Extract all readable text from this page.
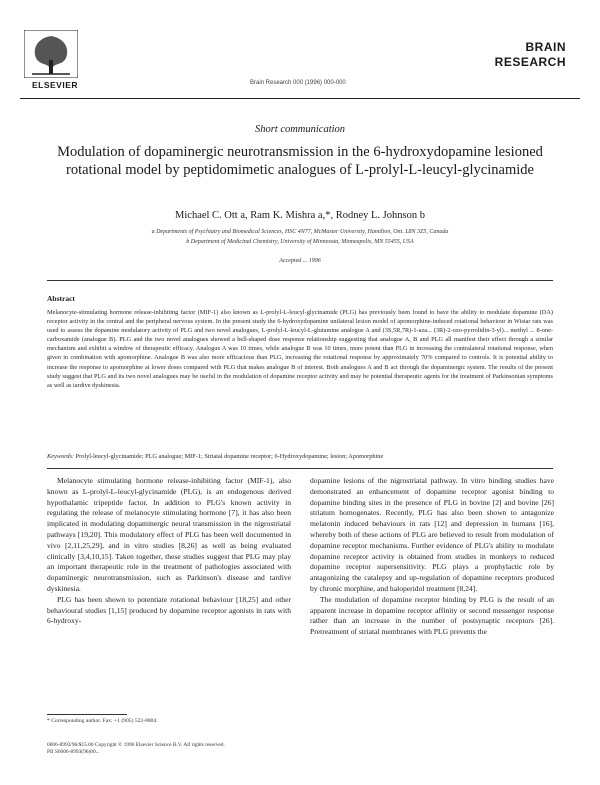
ELSEVIER	Brain Research 000 (1996) 000-000
BRAIN
RESEARCH
Short communication
Modulation of dopaminergic neurotransmission in the 6-hydroxydopamine lesioned rotational model by peptidomimetic analogues of L-prolyl-L-leucyl-glycinamide
Michael C. Ott a, Ram K. Mishra a,*, Rodney L. Johnson b
a Departments of Psychiatry and Biomedical Sciences, HSC 4N77, McMaster University, Hamilton, Ont. L8N 3Z5, Canada
b Department of Medicinal Chemistry, University of Minnesota, Minneapolis, MN 55455, USA
Accepted ... 1996
Abstract
Melanocyte-stimulating hormone release-inhibiting factor (MIF-1) also known as L-prolyl-L-leucyl-glycinamide (PLG) has previously been found to have the ability to modulate dopamine (DA) receptor activity in the central and the peripheral nervous system. In the present study the 6-hydroxydopamine unilateral lesion model of apomorphine-induced rotational behaviour in Wistar rats was used to assess the dopamine modulatory activity of PLG and two novel analogues, L-prolyl-L-leucyl-L-glutamine analogue A and (3S,5R,7R)-1-aza... (3R)-2-oxo-pyrrolidin-3-yl)... methyl ... 8-one-carboxamide (analogue B). PLG and the two novel analogues showed a bell-shaped dose response relationship suggesting that analogue A, B and PLG all manifest their effect through a similar mechanism and exhibit a window of therapeutic efficacy. Analogue A was 10 times, while analogue B was 10 times, more potent than PLG in increasing the contralateral rotational response, when given in combination with apomorphine. Analogue B was also more efficacious than PLG, increasing the rotational response by approximately 70% compared to controls. It is potential ability to increase the response to apomorphine at lower doses compared with PLG that makes analogue B of interest. Both analogues A and B act through the dopaminergic system. The results of the present study suggest that PLG and its two novel analogues may be useful in the modulation of dopamine receptor activity and may be potential therapeutic agents for the treatment of Parkinsonian symptoms as well as tardive dyskinesia.
Keywords: Prolyl-leucyl-glycinamide; PLG analogue; MIF-1; Striatal dopamine receptor; 6-Hydroxydopamine; lesion; Apomorphine

Melanocyte stimulating hormone release-inhibiting factor (MIF-1), also known as L-prolyl-L-leucyl-glycinamide (PLG), is an endogenous derived hypothalamic tripeptide factor. In addition to PLG's known activity in regulating the release of melanocyte stimulating hormone [7], it has also been implicated in modulating dopaminergic neural transmission in the nigrostriatal pathways [19,20]. This modulatory effect of PLG has been well documented in vivo [2,11,25,29], and in vitro studies [8,26] as well as being evaluated clinically [3,4,10,15]. Taken together, these studies suggest that PLG may play an important therapeutic role in the treatment of pathologies associated with dopaminergic neurotransmission, such as Parkinson's disease and tardive dyskinesia.

PLG has been shown to potentiate rotational behaviour [18,25] and other behavioural studies [1,15] produced by dopamine receptor agonists in rats with 6-hydroxy-

dopamine lesions of the nigrostriatal pathway. In vitro binding studies have demonstrated an enhancement of dopamine receptor agonist binding to dopamine binding sites in the presence of PLG in bovine [2] and bovine [26] striatum homogenates. Recently, PLG has also been shown to antagonize melatonin induced behaviours in rats [12] and depression in humans [16], whereby both of these actions of PLG are believed to result from modulation of dopamine receptor mechanisms. Further evidence of PLG's ability to modulate dopamine receptor activity is obtained from studies in monkeys to reduced dopamine receptor supersensitivity. PLG plays a prophylactic role by antagonizing the catalepsy and up-regulation of dopamine receptors produced by chronic morphine, and haloperidol treatment [8,24].

The modulation of dopamine receptor binding by PLG is the result of an apparent increase in dopamine receptor affinity or second messenger response rather than an increase in the number of postsynaptic receptors [26]. Pretreatment of striatal membranes with PLG prevents the

* Corresponding author. Fax: +1 (905) 522-8804.
0006-8993/96/$15.00 Copyright © 1996 Elsevier Science B.V. All rights reserved.
PII S0006-8993(96)00...
